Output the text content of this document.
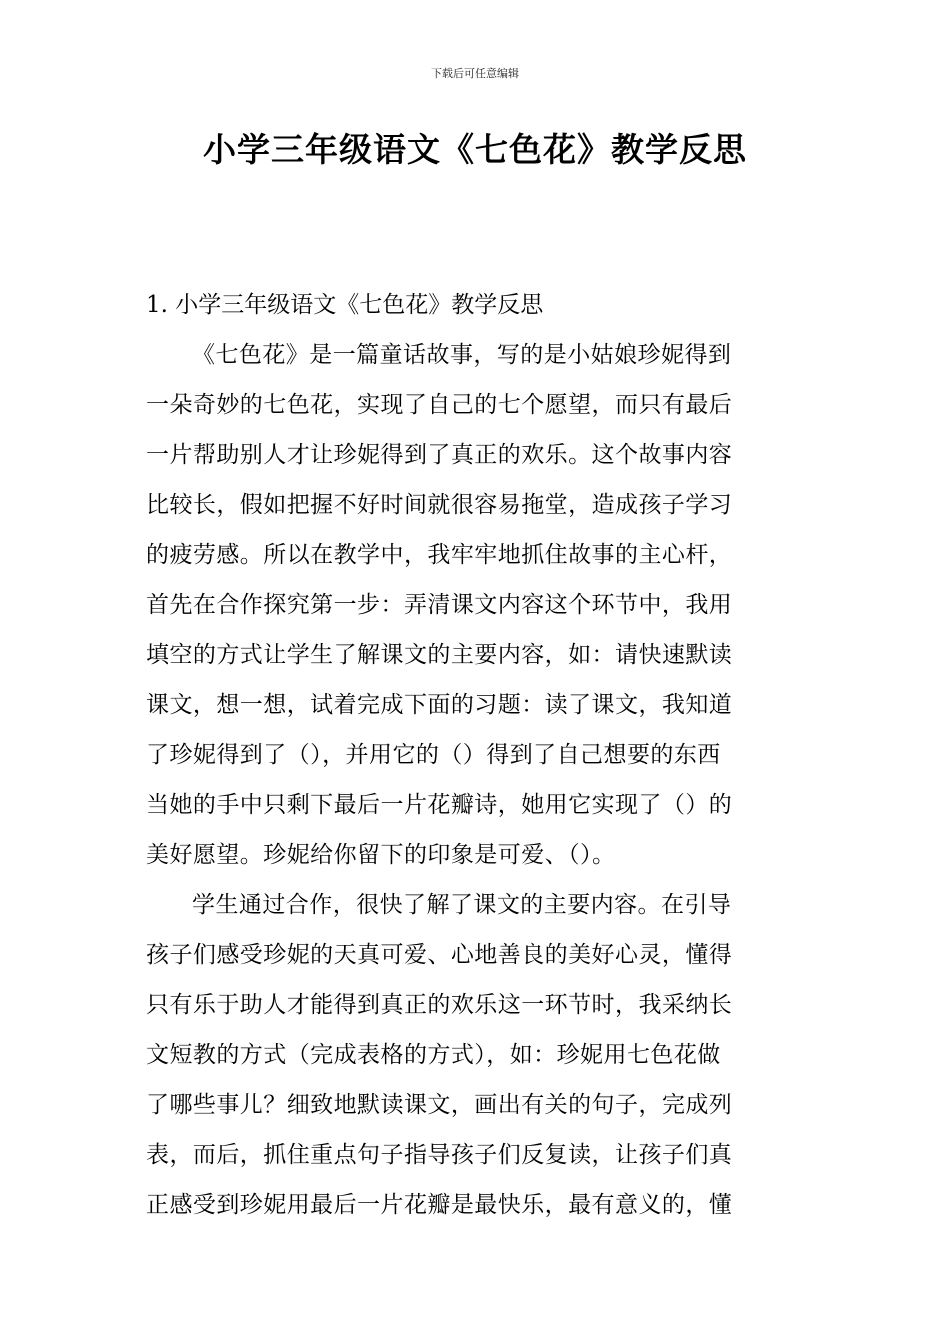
下载后可任意编辑
小学三年级语文《七色花》教学反思

1. 小学三年级语文《七色花》教学反思

《七色花》是一篇童话故事，写的是小姑娘珍妮得到

一朵奇妙的七色花，实现了自己的七个愿望，而只有最后

一片帮助别人才让珍妮得到了真正的欢乐。这个故事内容

比较长，假如把握不好时间就很容易拖堂，造成孩子学习

的疲劳感。所以在教学中，我牢牢地抓住故事的主心杆，

首先在合作探究第一步：弄清课文内容这个环节中，我用

填空的方式让学生了解课文的主要内容，如：请快速默读

课文，想一想，试着完成下面的习题：读了课文，我知道

了珍妮得到了（），并用它的（）得到了自己想要的东西

当她的手中只剩下最后一片花瓣诗，她用它实现了（）的

美好愿望。珍妮给你留下的印象是可爱、（）。

学生通过合作，很快了解了课文的主要内容。在引导

孩子们感受珍妮的天真可爱、心地善良的美好心灵，懂得

只有乐于助人才能得到真正的欢乐这一环节时，我采纳长

文短教的方式（完成表格的方式），如：珍妮用七色花做

了哪些事儿？细致地默读课文，画出有关的句子，完成列

表，而后，抓住重点句子指导孩子们反复读，让孩子们真

正感受到珍妮用最后一片花瓣是最快乐，最有意义的，懂
